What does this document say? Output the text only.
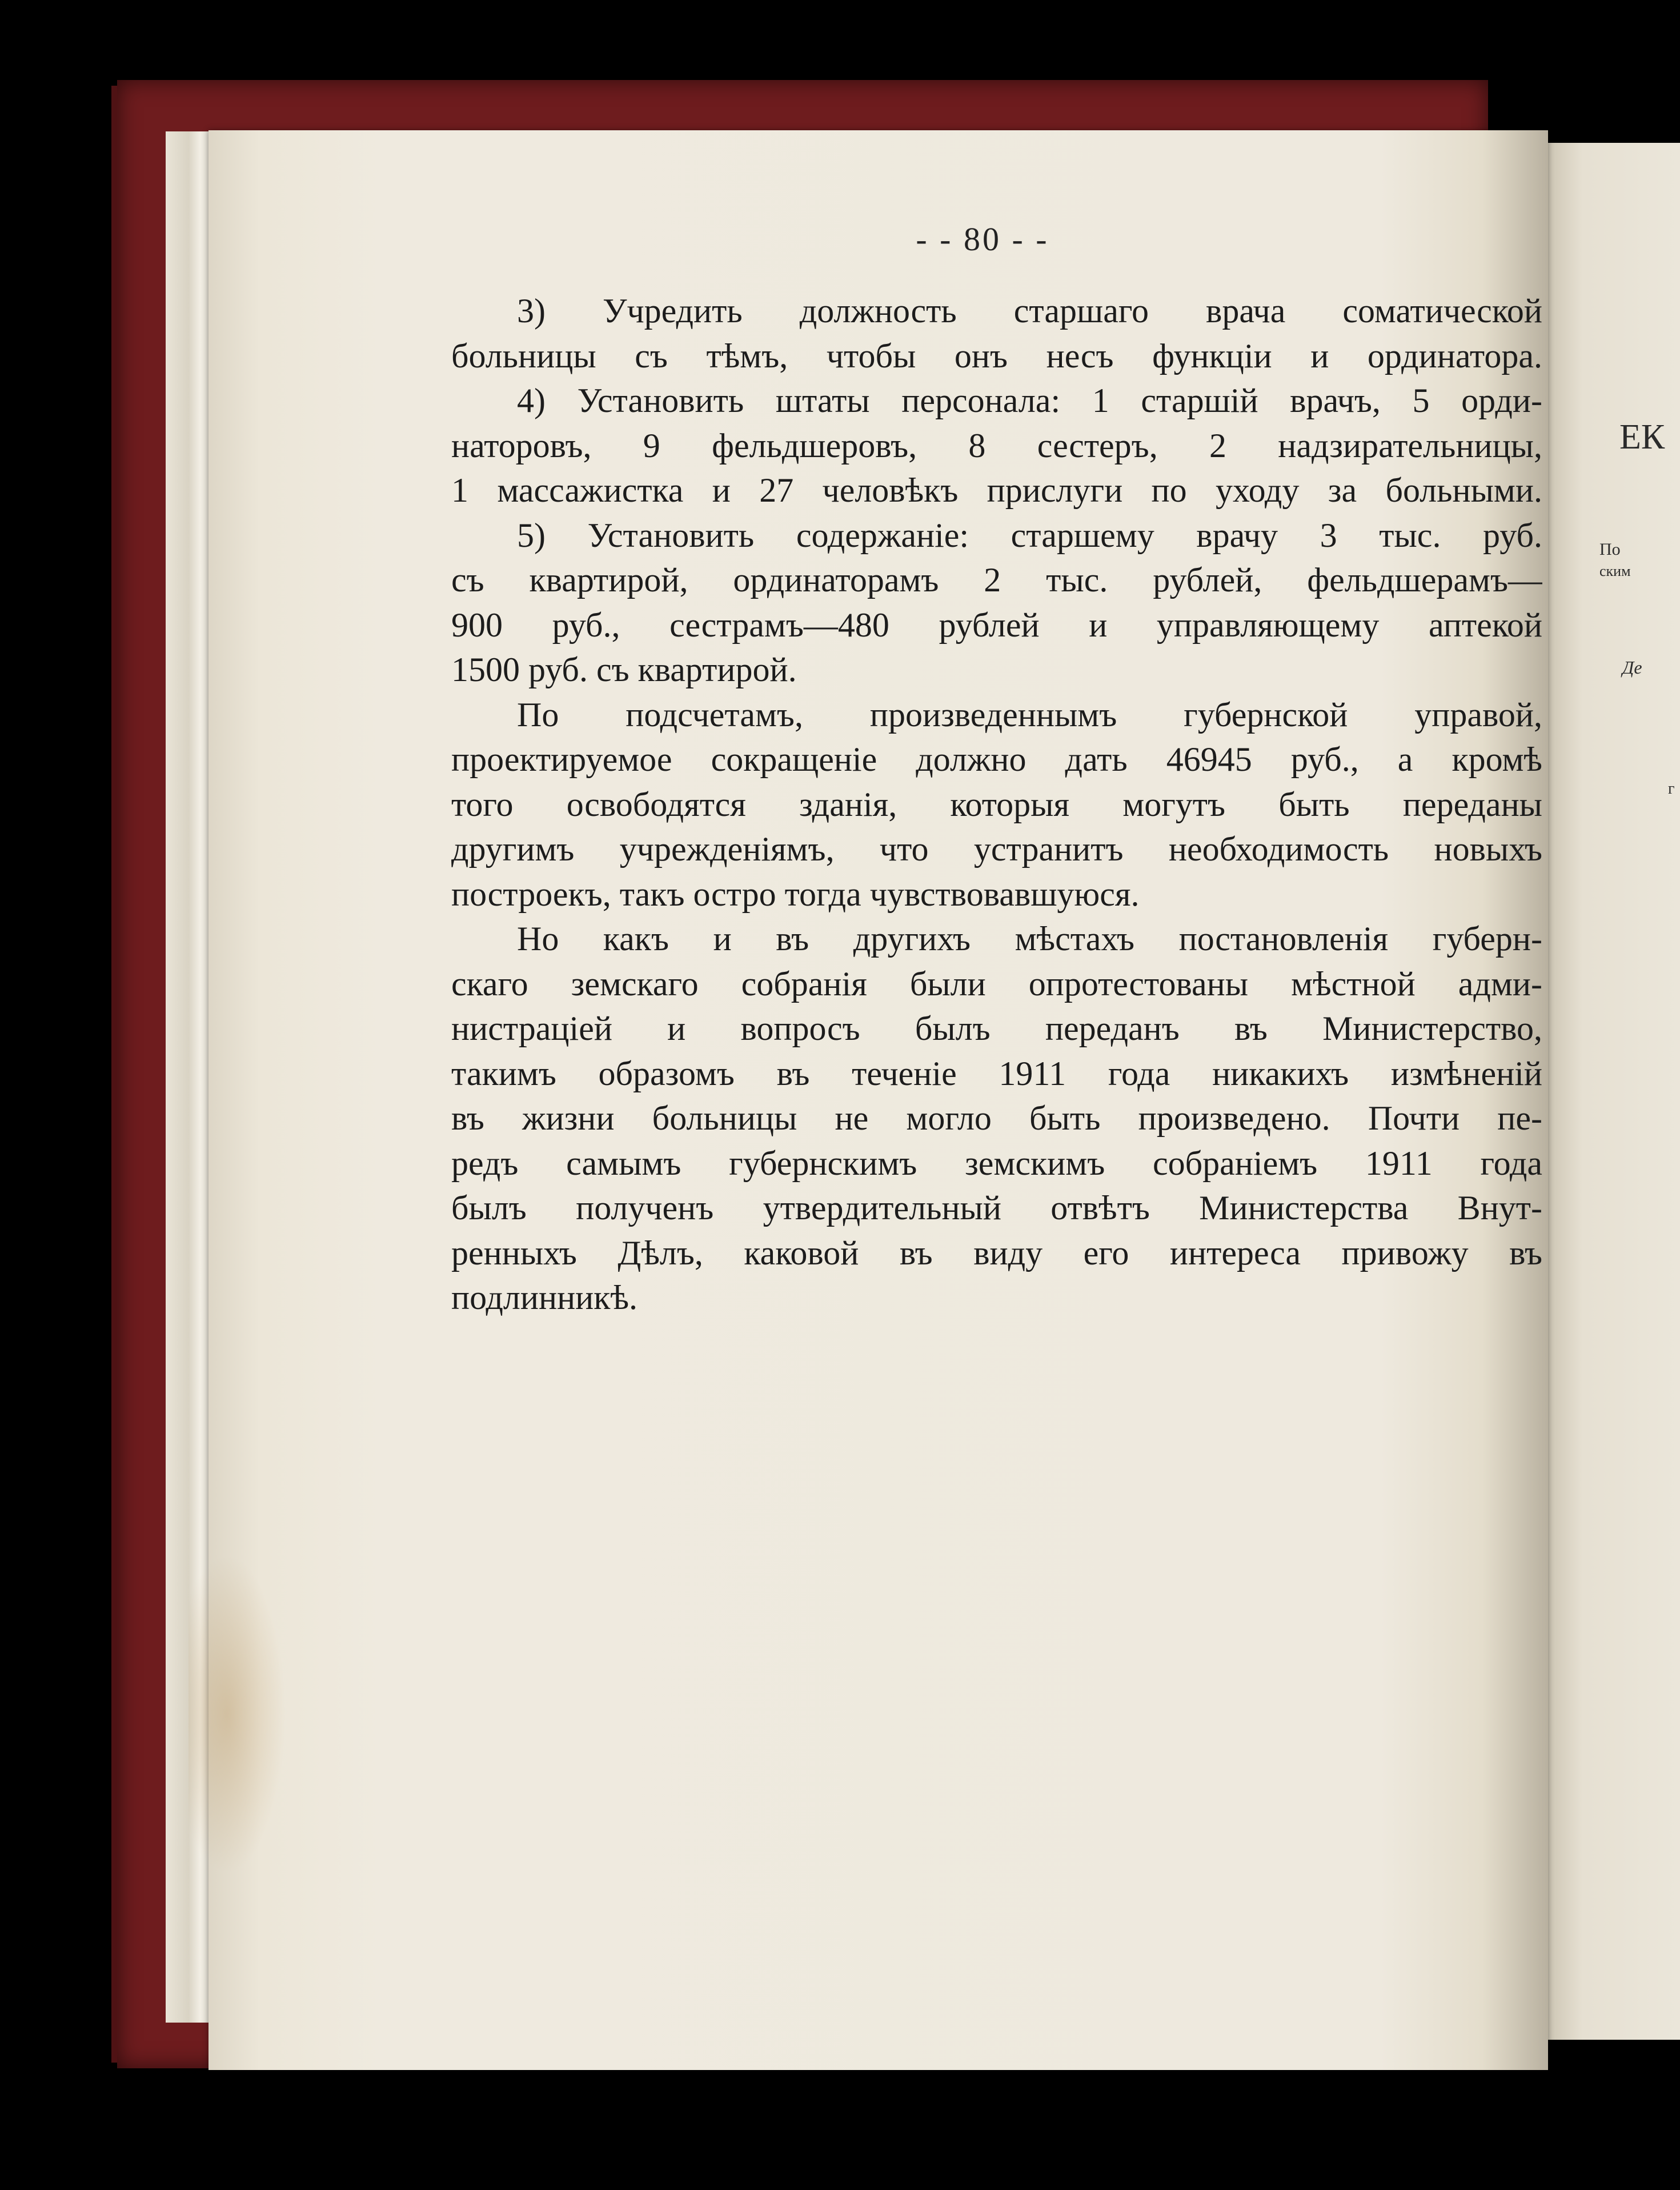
ЕК
По
ским
Де
г
- - 80 - -
3) Учредить должность старшаго врача соматической
больницы съ тѣмъ, чтобы онъ несъ функціи и ординатора.
4) Установить штаты персонала: 1 старшій врачъ, 5 орди-
наторовъ, 9 фельдшеровъ, 8 сестеръ, 2 надзирательницы,
1 массажистка и 27 человѣкъ прислуги по уходу за больными.
5) Установить содержаніе: старшему врачу 3 тыс. руб.
съ квартирой, ординаторамъ 2 тыс. рублей, фельдшерамъ—
900 руб., сестрамъ—480 рублей и управляющему аптекой
1500 руб. съ квартирой.
По подсчетамъ, произведеннымъ губернской управой,
проектируемое сокращеніе должно дать 46945 руб., а кромѣ
того освободятся зданія, которыя могутъ быть переданы
другимъ учрежденіямъ, что устранитъ необходимость новыхъ
построекъ, такъ остро тогда чувствовавшуюся.
Но какъ и въ другихъ мѣстахъ постановленія губерн-
скаго земскаго собранія были опротестованы мѣстной адми-
нистраціей и вопросъ былъ переданъ въ Министерство,
такимъ образомъ въ теченіе 1911 года никакихъ измѣненій
въ жизни больницы не могло быть произведено. Почти пе-
редъ самымъ губернскимъ земскимъ собраніемъ 1911 года
былъ полученъ утвердительный отвѣтъ Министерства Внут-
ренныхъ Дѣлъ, каковой въ виду его интереса привожу въ
подлинникѣ.
